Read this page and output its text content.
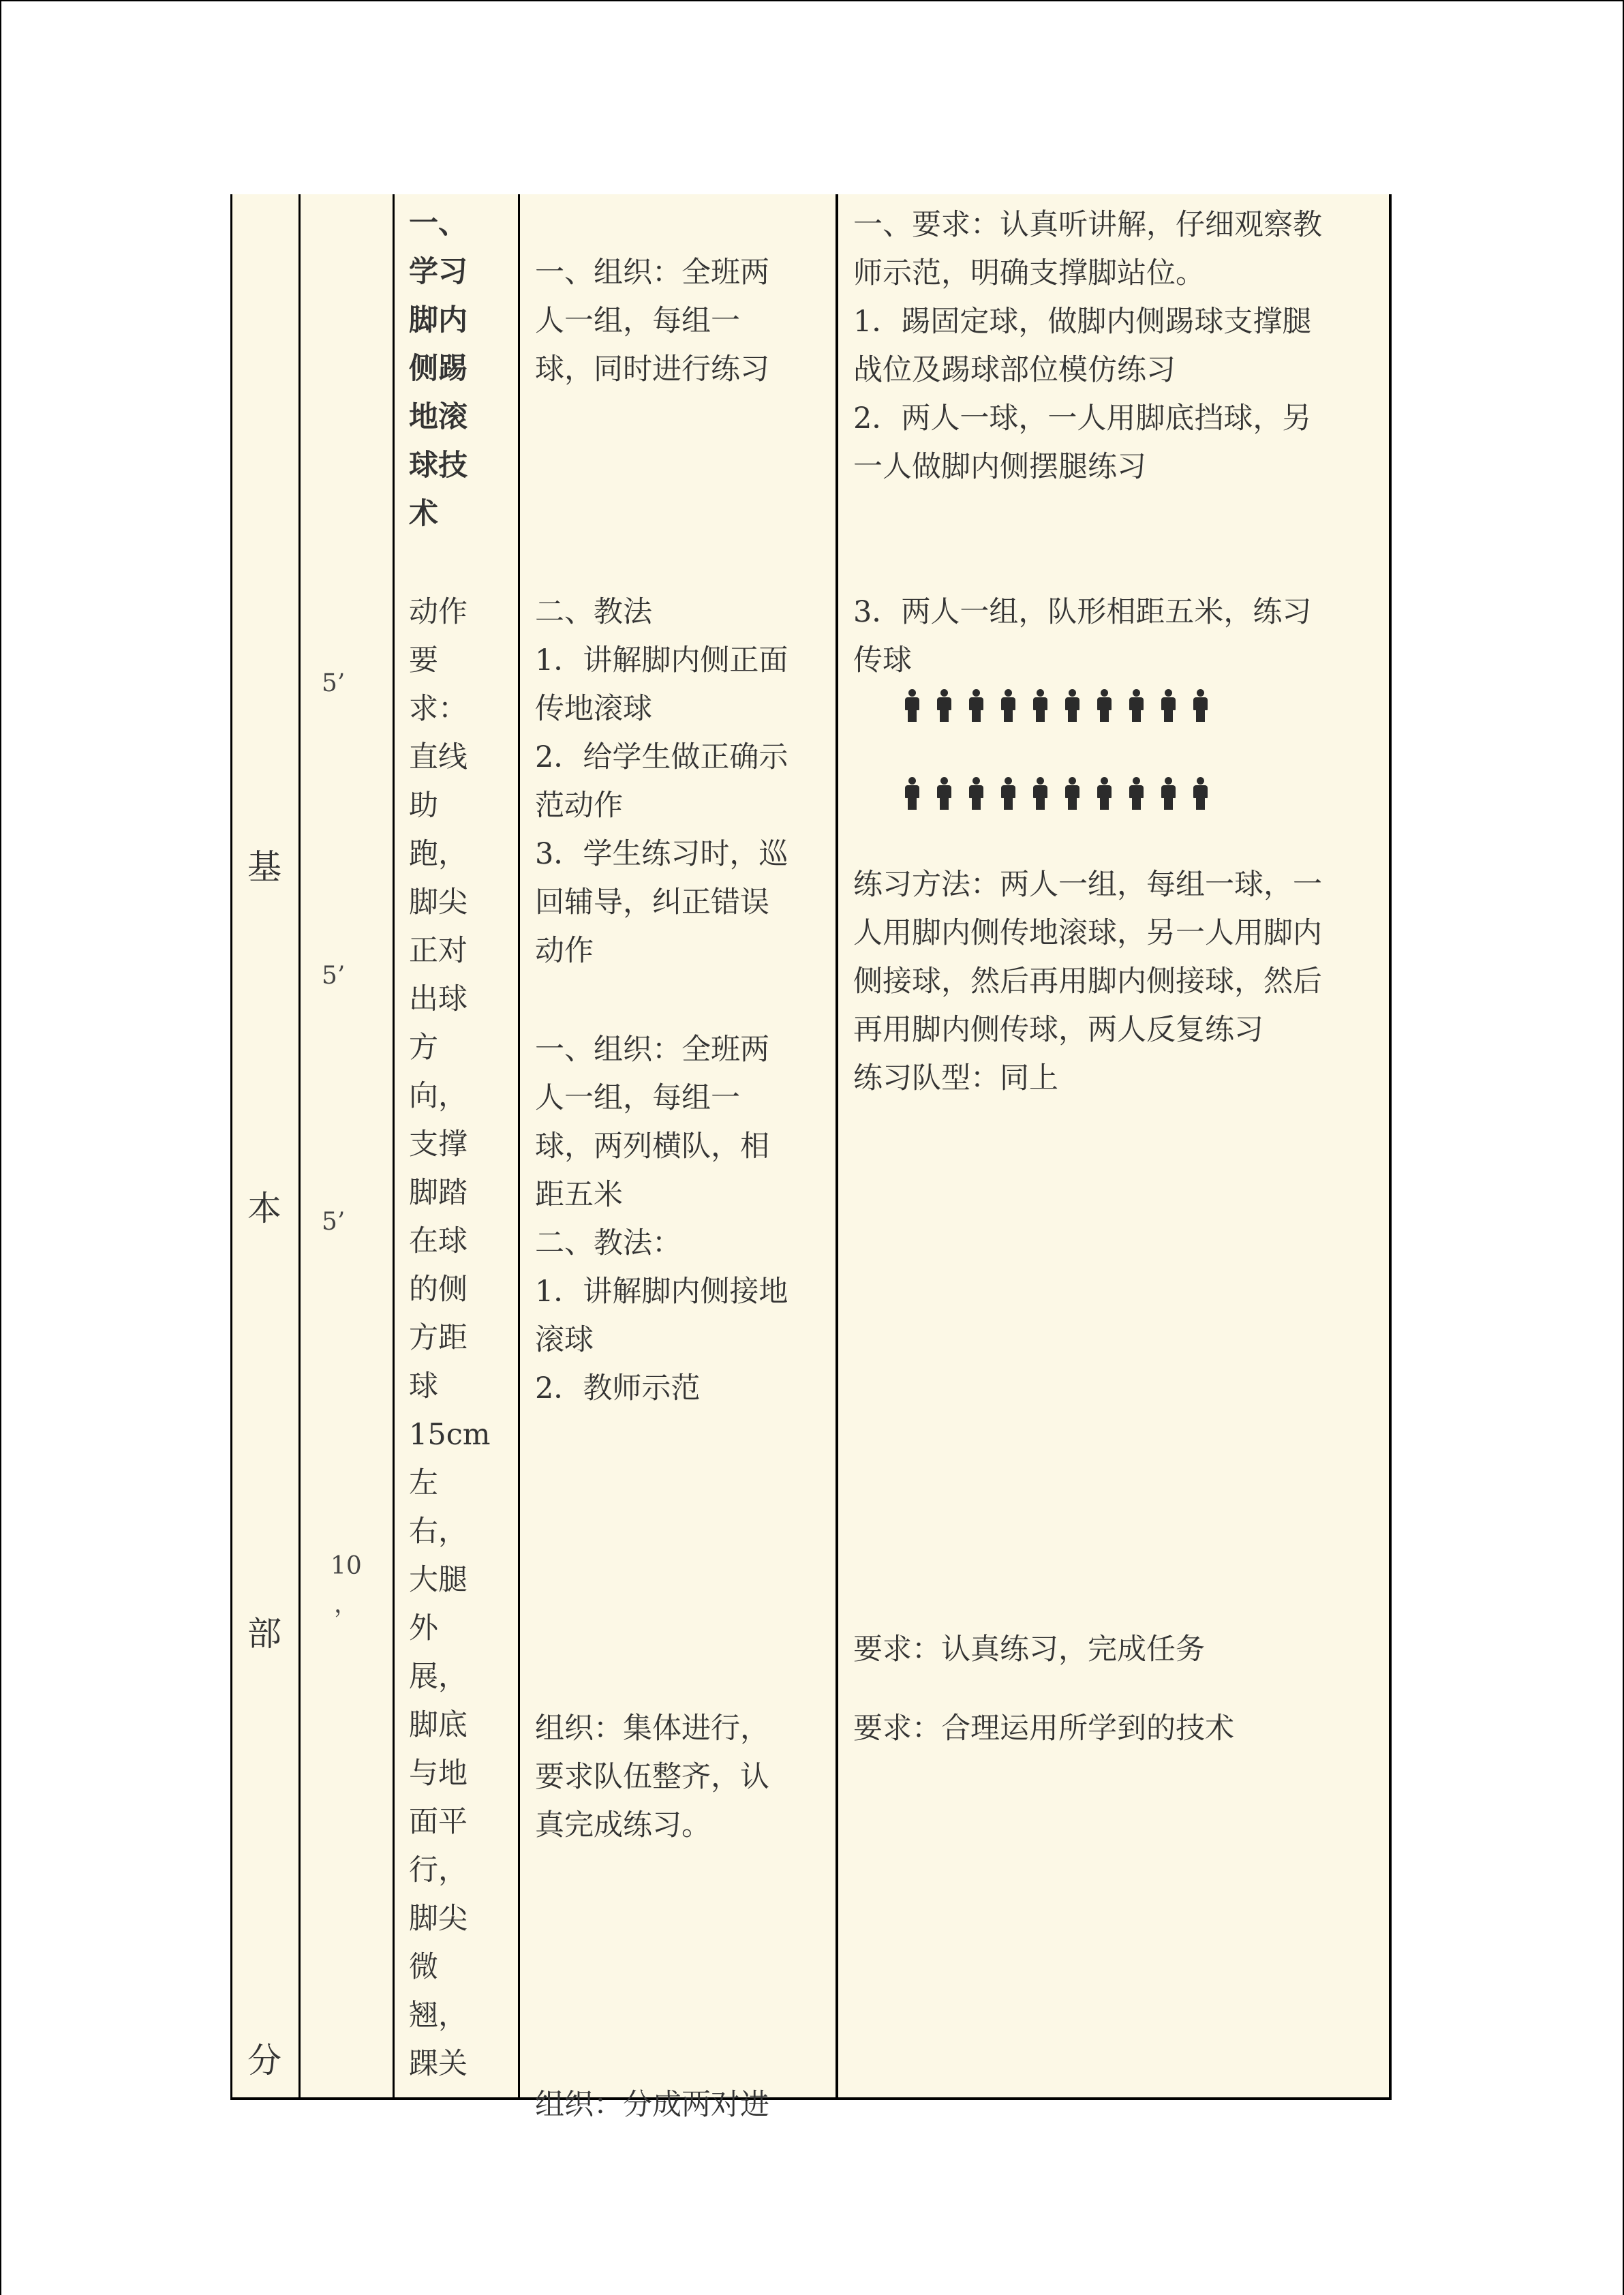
基
本
部
分
5’
5’
5’
10
，
一、
学习
脚内
侧踢
地滚
球技
术
动作
要
求：
直线
助
跑，
脚尖
正对
出球
方
向，
支撑
脚踏
在球
的侧
方距
球
15cm
左
右，
大腿
外
展，
脚底
与地
面平
行，
脚尖
微
翘，
踝关
一、组织：全班两
人一组，每组一
球，同时进行练习
二、教法
1．讲解脚内侧正面
传地滚球
2．给学生做正确示
范动作
3．学生练习时，巡
回辅导，纠正错误
动作
一、组织：全班两
人一组，每组一
球，两列横队，相
距五米
二、教法：
1．讲解脚内侧接地
滚球
2．教师示范
组织：集体进行，
要求队伍整齐，认
真完成练习。
组织：分成两对进
一、要求：认真听讲解，仔细观察教
师示范，明确支撑脚站位。
1．踢固定球，做脚内侧踢球支撑腿
战位及踢球部位模仿练习
2．两人一球，一人用脚底挡球，另
一人做脚内侧摆腿练习
3．两人一组，队形相距五米，练习
传球
练习方法：两人一组，每组一球，一
人用脚内侧传地滚球，另一人用脚内
侧接球，然后再用脚内侧接球，然后
再用脚内侧传球，两人反复练习
练习队型：同上
要求：认真练习，完成任务
要求：合理运用所学到的技术
